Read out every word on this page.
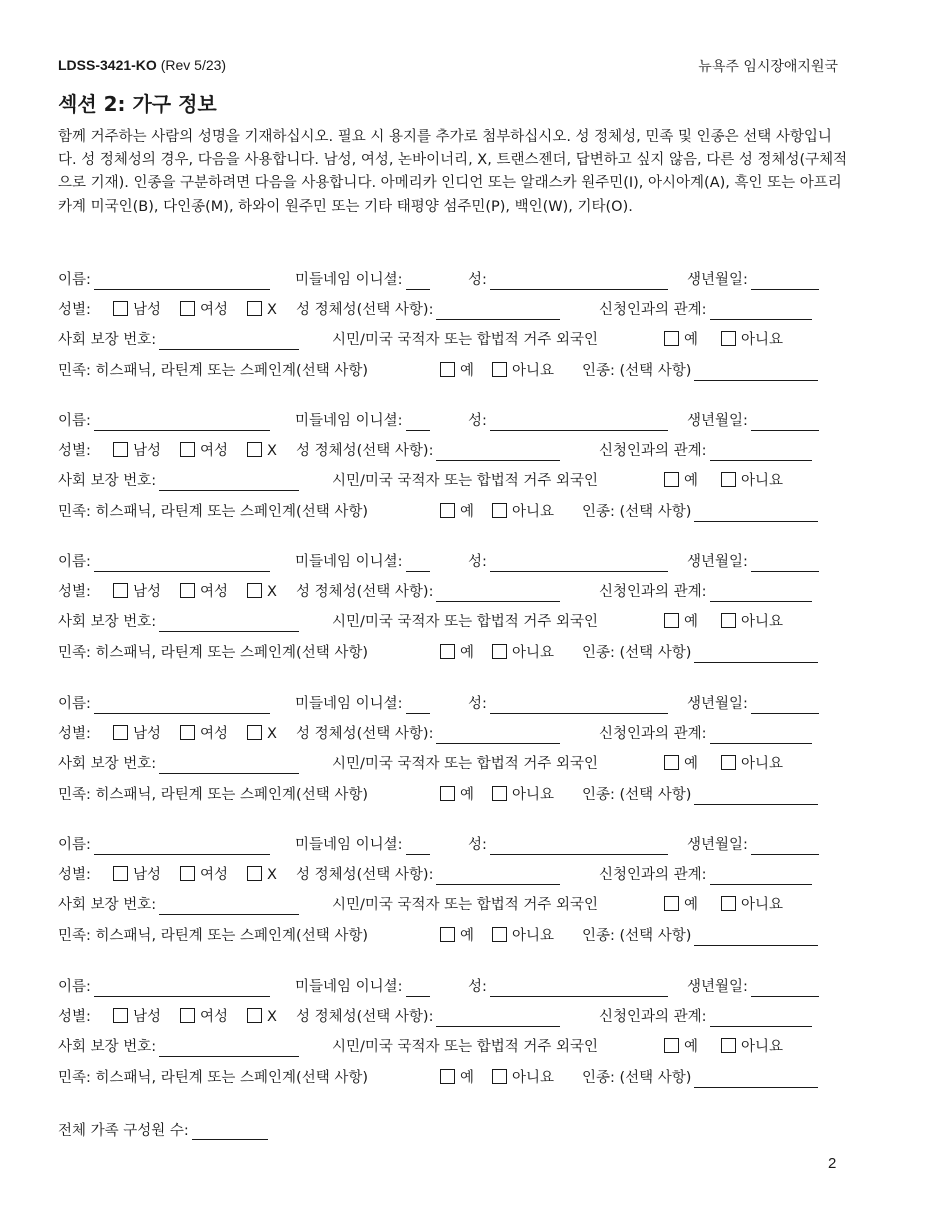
LDSS-3421-KO (Rev 5/23)	뉴욕주 임시장애지원국
섹션 2: 가구 정보
함께 거주하는 사람의 성명을 기재하십시오. 필요 시 용지를 추가로 첨부하십시오. 성 정체성, 민족 및 인종은 선택 사항입니다. 성 정체성의 경우, 다음을 사용합니다. 남성, 여성, 논바이너리, X, 트랜스젠더, 답변하고 싶지 않음, 다른 성 정체성(구체적으로 기재). 인종을 구분하려면 다음을 사용합니다. 아메리카 인디언 또는 알래스카 원주민(I), 아시아계(A), 흑인 또는 아프리카계 미국인(B), 다인종(M), 하와이 원주민 또는 기타 태평양 섬주민(P), 백인(W), 기타(O).
이름:	미들네임 이니셜:	성:	생년월일:
성별:	남성	여성	X 성 정체성(선택 사항):	신청인과의 관계:
사회 보장 번호:	시민/미국 국적자 또는 합법적 거주 외국인	예	아니요
민족: 히스패닉, 라틴계 또는 스페인계(선택 사항)	예	아니요 인종: (선택 사항)
이름:	미들네임 이니셜:	성:	생년월일:
성별:	남성	여성	X 성 정체성(선택 사항):	신청인과의 관계:
사회 보장 번호:	시민/미국 국적자 또는 합법적 거주 외국인	예	아니요
민족: 히스패닉, 라틴계 또는 스페인계(선택 사항)	예	아니요 인종: (선택 사항)
이름:	미들네임 이니셜:	성:	생년월일:
성별:	남성	여성	X 성 정체성(선택 사항):	신청인과의 관계:
사회 보장 번호:	시민/미국 국적자 또는 합법적 거주 외국인	예	아니요
민족: 히스패닉, 라틴계 또는 스페인계(선택 사항)	예	아니요 인종: (선택 사항)
이름:	미들네임 이니셜:	성:	생년월일:
성별:	남성	여성	X 성 정체성(선택 사항):	신청인과의 관계:
사회 보장 번호:	시민/미국 국적자 또는 합법적 거주 외국인	예	아니요
민족: 히스패닉, 라틴계 또는 스페인계(선택 사항)	예	아니요 인종: (선택 사항)
이름:	미들네임 이니셜:	성:	생년월일:
성별:	남성	여성	X 성 정체성(선택 사항):	신청인과의 관계:
사회 보장 번호:	시민/미국 국적자 또는 합법적 거주 외국인	예	아니요
민족: 히스패닉, 라틴계 또는 스페인계(선택 사항)	예	아니요 인종: (선택 사항)
이름:	미들네임 이니셜:	성:	생년월일:
성별:	남성	여성	X 성 정체성(선택 사항):	신청인과의 관계:
사회 보장 번호:	시민/미국 국적자 또는 합법적 거주 외국인	예	아니요
민족: 히스패닉, 라틴계 또는 스페인계(선택 사항)	예	아니요 인종: (선택 사항)
전체 가족 구성원 수:
2
